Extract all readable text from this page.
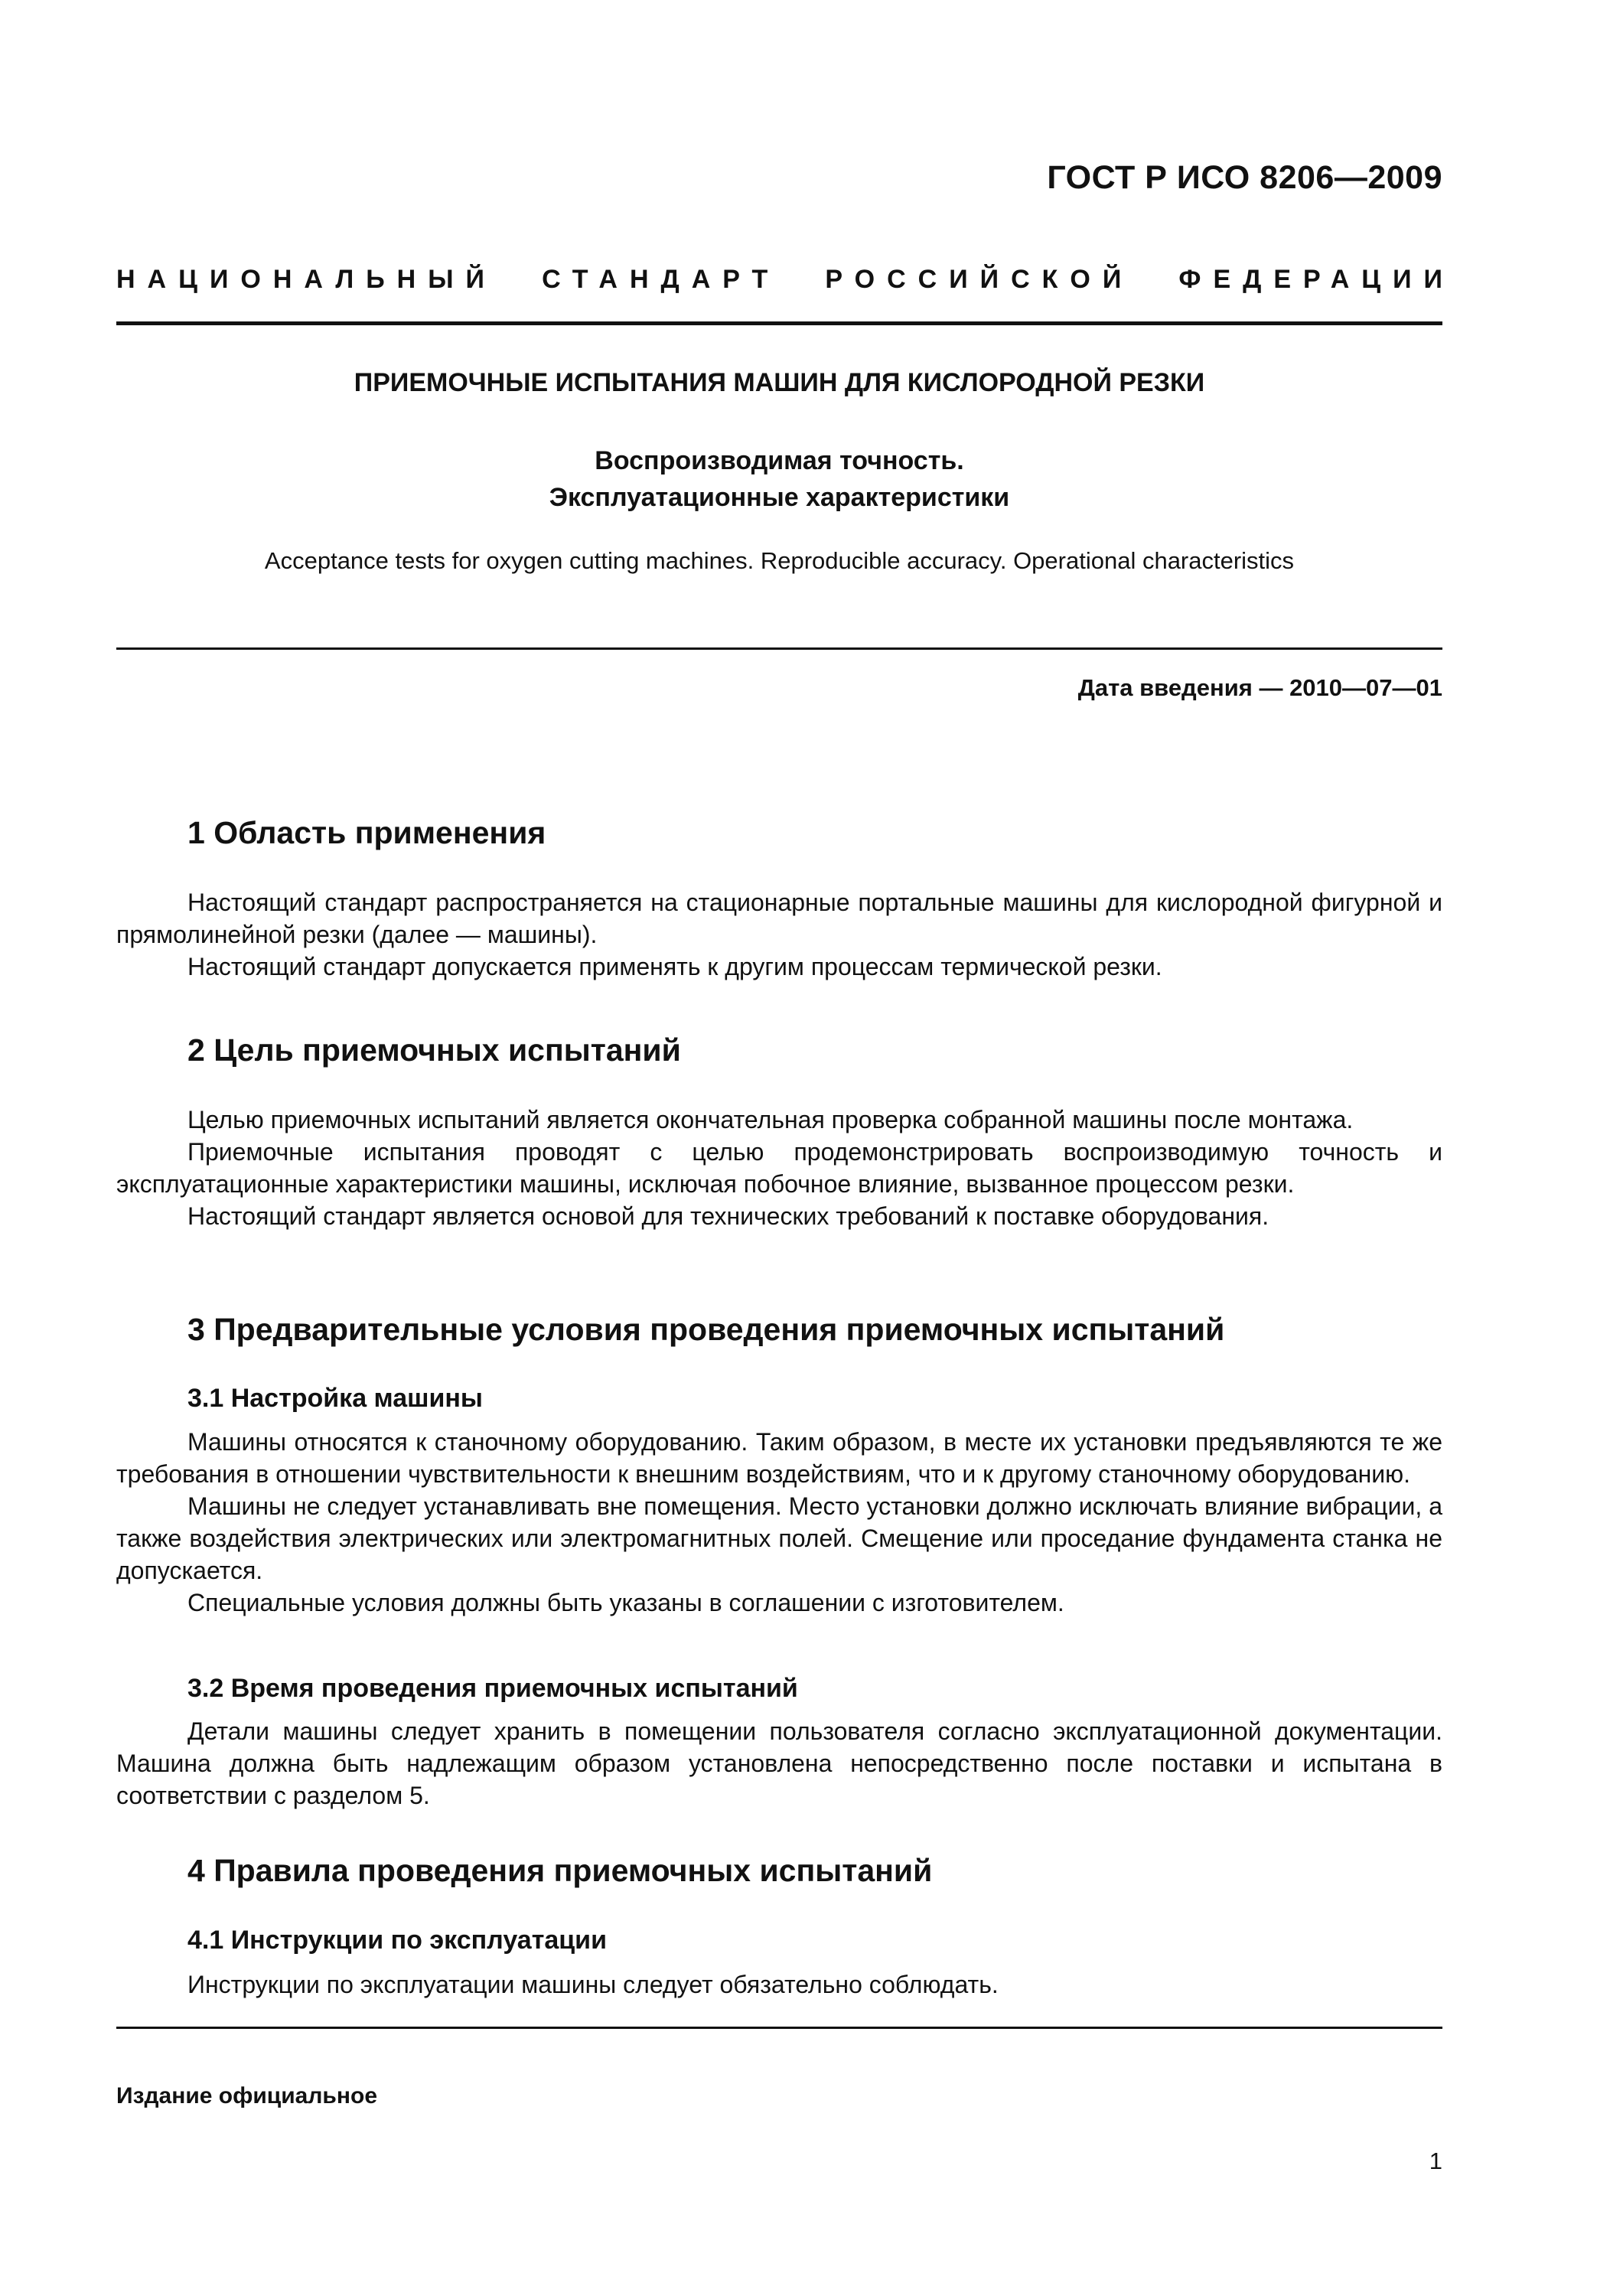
ГОСТ Р ИСО 8206—2009
НАЦИОНАЛЬНЫЙ СТАНДАРТ РОССИЙСКОЙ ФЕДЕРАЦИИ
ПРИЕМОЧНЫЕ ИСПЫТАНИЯ МАШИН ДЛЯ КИСЛОРОДНОЙ РЕЗКИ
Воспроизводимая точность.
Эксплуатационные характеристики
Acceptance tests for oxygen cutting machines. Reproducible accuracy. Operational characteristics
Дата введения — 2010—07—01
1 Область применения

Настоящий стандарт распространяется на стационарные портальные машины для кислородной фигурной и прямолинейной резки (далее — машины).

Настоящий стандарт допускается применять к другим процессам термической резки.

2 Цель приемочных испытаний

Целью приемочных испытаний является окончательная проверка собранной машины после монтажа.

Приемочные испытания проводят с целью продемонстрировать воспроизводимую точность и эксплуатационные характеристики машины, исключая побочное влияние, вызванное процессом резки.

Настоящий стандарт является основой для технических требований к поставке оборудования.

3 Предварительные условия проведения приемочных испытаний
3.1 Настройка машины

Машины относятся к станочному оборудованию. Таким образом, в месте их установки предъявляются те же требования в отношении чувствительности к внешним воздействиям, что и к другому станочному оборудованию.

Машины не следует устанавливать вне помещения. Место установки должно исключать влияние вибрации, а также воздействия электрических или электромагнитных полей. Смещение или проседание фундамента станка не допускается.

Специальные условия должны быть указаны в соглашении с изготовителем.

3.2 Время проведения приемочных испытаний

Детали машины следует хранить в помещении пользователя согласно эксплуатационной документации. Машина должна быть надлежащим образом установлена непосредственно после поставки и испытана в соответствии с разделом 5.

4 Правила проведения приемочных испытаний
4.1 Инструкции по эксплуатации

Инструкции по эксплуатации машины следует обязательно соблюдать.

Издание официальное
1
